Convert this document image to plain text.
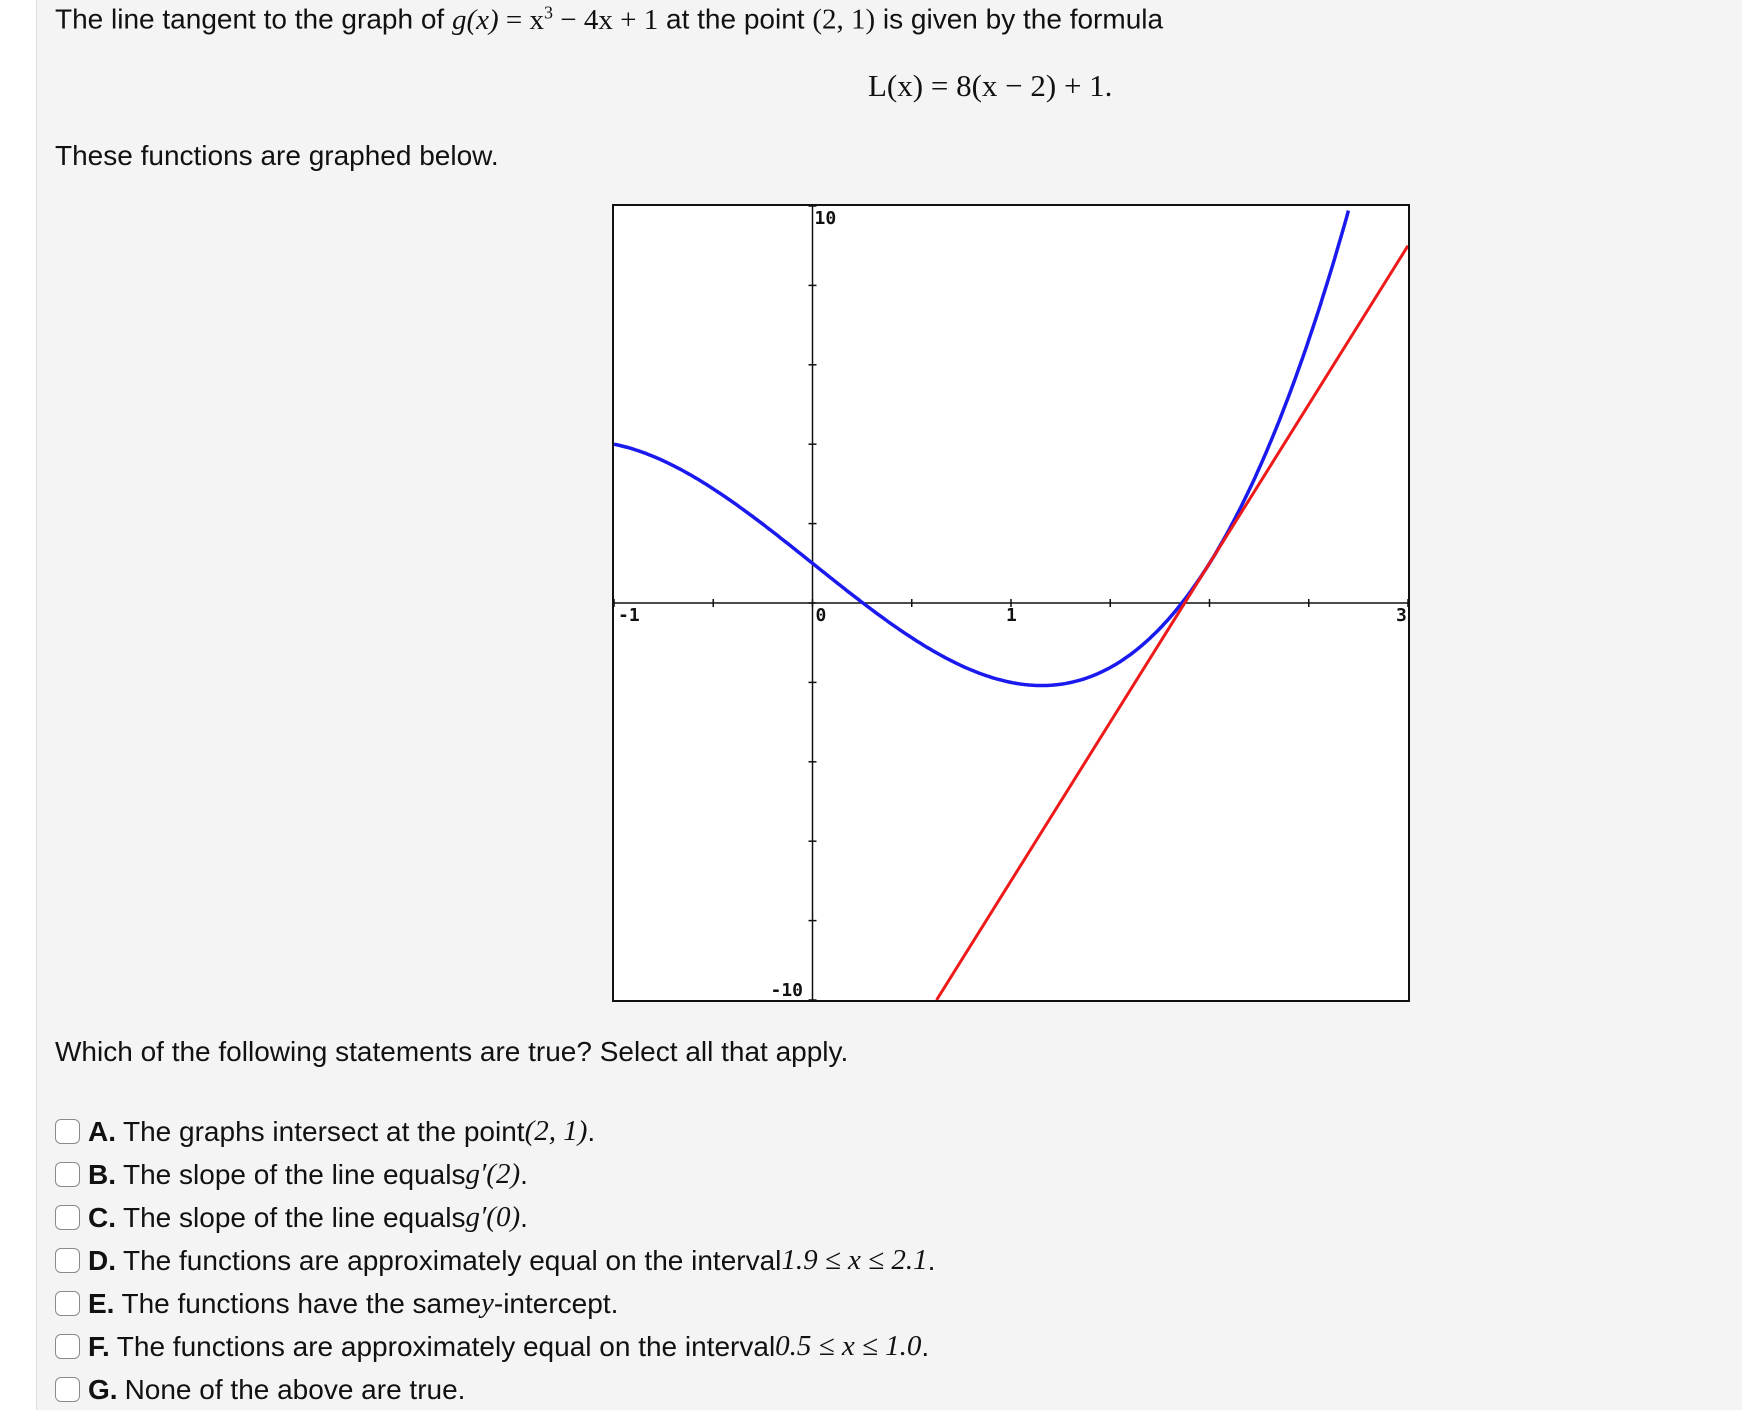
The line tangent to the graph of $g(x) = x^3 - 4x + 1$ at the point (2, 1) is given by the formula
L(x) = 8(x − 2) + 1.
These functions are graphed below.
-1	0	1	3
10
-10
Which of the following statements are true? Select all that apply.
A. The graphs intersect at the point (2, 1) .
B. The slope of the line equals g′(2) .
C. The slope of the line equals g′(0) .
D. The functions are approximately equal on the interval 1.9 ≤ x ≤ 2.1 .
E. The functions have the same y -intercept.
F. The functions are approximately equal on the interval 0.5 ≤ x ≤ 1.0 .
G. None of the above are true.
